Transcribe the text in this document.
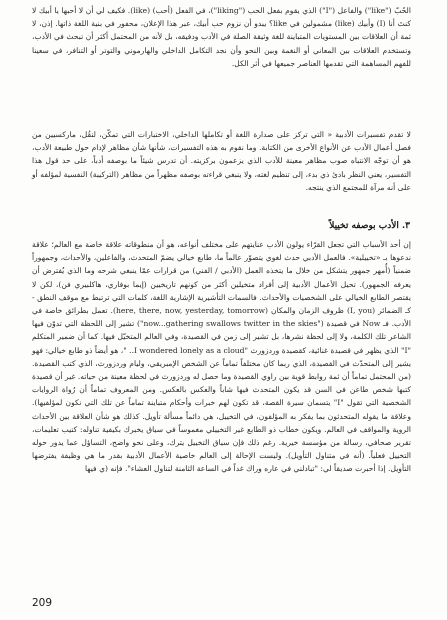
الحُبّ ("like") والفاعل ("I") الذي يقوم بفعل الحب ("liking")، في الفعل (أحب) (like). فكيف لي أن لا أحبها يا أبيك لا كنتَ أنا (I) وأبيك (like) مشمولين في like؟ يبدو أن نزوم حب أبيك، عبر هذا الإعلان، محفور في بنية اللغة ذاتها. إذن، لا ثمة أن العلاقات بين المستويات المتباينة للغة وثيقة الصلة في الأدب ودفيقه، بل لأنه من المحتمل أكثر أن تبحث في الأدب، وتستخدم العلاقات بين المعاني أو النغمة وبين النحو وأن نجد التكامل الداخلي والهارموني والتوتر أو التنافر، في سعينا للفهم المساهمة التي تقدمها العناصر جميعها في أثر الكل.

لا تقدم تفسيرات الأدبية « التي تركز على صدارة اللغة أو تكاملها الداخلي، الاختبارات التي تمكّن، لنقُل، ماركسيين من فصل أعمال الأدب عن الأنواع الأخرى من الكتابة. وما نقوم به هذه التفسيرات، شأنها شأن مظاهر لإدام حول طبيعة الأدب، هو أن توجّه الانتباه صوب مظاهر معينة للأدب الذي يزعمون بركزيته. أن تدرس شيئاً ما بوصفه أدباً، على حد قول هذا التفسير، يعني النظر بادئ ذي بدء، إلى تنظيم لغته، ولا ينبغي قراءته بوصفه مظهراً من مظاهر (التركيبة) النفسية لمؤلفه أو على أنه مرآة للمجتمع الذي ينتجه.

٣. الأدب بوصفه تخييلاً

إن أحد الأسباب التي تجعل القرّاء يولون الأدب عنايتهم على مختلف أنواعه، هو أن منطوقاته علاقة خاصة مع العالم؛ علاقة ندعوها بـ «تخييلية». فالعمل الأدبي حدث لغوي يتصوّر عالماً ما، طابع خيالي يضمّ المتحدث، والفاعلين، والأحداث، وجمهوراً ضمنياً (أُمهر جمهور يتشكل من خلال ما يتخذه العمل (الأدبي / الفني) من قرارات عمّا ينبغي شرحه وما الذي يُفترض أن يعرفه الجمهور). تحيل الأعمال الأدبية إلى أفراد متخيلين أكثر من كونهم تاريخيين (إيما بوفاري، هاكلبيري فن)، لكن لا يقتصر الطابع الخيالي على الشخصيات والأحداث. فالسمات التأشيرية الإشارية اللغة، كلمات التي ترتبط مع موقف النطق - كـ الضمائر (I, you) ظروف الزمان والمكان (here, there, now, yesterday, tomorrow). تعمل بطرائق خاصة في الأدب. فـ Now في قصيدة ("now...gathering swallows twitter in the skies") تشير إلى اللحظة التي تدوّن فيها الشاعر تلك الكلمة، ولا إلى لحظة نشرها، بل تشير إلى زمن في القصيدة، وفي العالم المتخيّل فيها. كما أن ضمير المتكلم "I" الذي يظهر في قصيدة غنائية، كقصيدة وردزورث "I wondered lonely as a cloud.. "، هو أيضاً ذو طابع خيالي: فهو يشير إلى المتحدّث في القصيدة، الذي ربما كان مختلفاً تماماً عن الشخص الإمبريقي، وليام وردزورث، الذي كتب القصيدة. (من المحتمل تماماً أن ثمة روابط قوية بين راوي القصيدة وما حصل له وردزورث في لحظة معينة من حياته. غير أن قصيدة كتبها شخص طاعن في السن قد يكون المتحدث فيها شاباً والعكس بالعكس. ومن المعروف تماماً أن رُواة الروايات الشخصية التي تقول "I" يتسمان سيرة القصة، قد تكون لهم خبرات وأحكام متباينة تماماً عن تلك التي نكون لمؤلفيها). وعلاقة ما يقوله المتحدثون بما يفكر به المؤلفون، في التخييل، هي دائماً مسألة تأويل. كذلك هو شأن العلاقة بين الأحداث الروية والمواقف في العالم. ويكون خطاب ذو الطابع غير التخييلي مغموساً في سياق يخبرك بكيفية تناوله: كتيب تعليمات، تقرير صحافي، رسالة من مؤسسة خيرية. رغم ذلك فإن سياق التخييل يترك، وعلى نحو واضح، التساؤل عما يدور حوله التخييل فعلياً. (أنه في متناول التأويل). وليست الإحالة إلى العالم خاصية الأعمال الأدبية بقدر ما هي وظيفة يفترضها التأويل. إذا أحبرت صديقاً لي: "تبادلني في عاره وراك غداً في الساعة الثامنة لتناول العشاء". فإنه (ي فيها

209
